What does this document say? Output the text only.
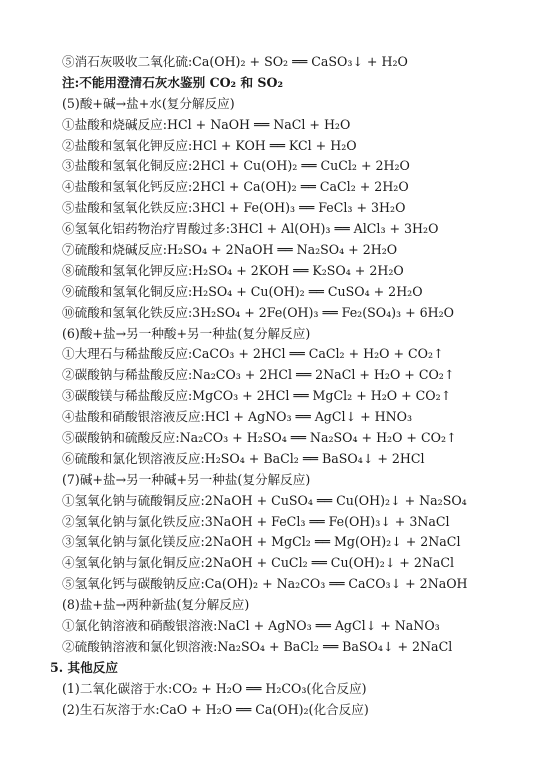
⑤消石灰吸收二氧化硫:Ca(OH)₂ + SO₂ ══ CaSO₃↓ + H₂O
注:不能用澄清石灰水鉴别 CO₂ 和 SO₂
(5)酸+碱→盐+水(复分解反应)
①盐酸和烧碱反应:HCl + NaOH ══ NaCl + H₂O
②盐酸和氢氧化钾反应:HCl + KOH ══ KCl + H₂O
③盐酸和氢氧化铜反应:2HCl + Cu(OH)₂ ══ CuCl₂ + 2H₂O
④盐酸和氢氧化钙反应:2HCl + Ca(OH)₂ ══ CaCl₂ + 2H₂O
⑤盐酸和氢氧化铁反应:3HCl + Fe(OH)₃ ══ FeCl₃ + 3H₂O
⑥氢氧化铝药物治疗胃酸过多:3HCl + Al(OH)₃ ══ AlCl₃ + 3H₂O
⑦硫酸和烧碱反应:H₂SO₄ + 2NaOH ══ Na₂SO₄ + 2H₂O
⑧硫酸和氢氧化钾反应:H₂SO₄ + 2KOH ══ K₂SO₄ + 2H₂O
⑨硫酸和氢氧化铜反应:H₂SO₄ + Cu(OH)₂ ══ CuSO₄ + 2H₂O
⑩硫酸和氢氧化铁反应:3H₂SO₄ + 2Fe(OH)₃ ══ Fe₂(SO₄)₃ + 6H₂O
(6)酸+盐→另一种酸+另一种盐(复分解反应)
①大理石与稀盐酸反应:CaCO₃ + 2HCl ══ CaCl₂ + H₂O + CO₂↑
②碳酸钠与稀盐酸反应:Na₂CO₃ + 2HCl ══ 2NaCl + H₂O + CO₂↑
③碳酸镁与稀盐酸反应:MgCO₃ + 2HCl ══ MgCl₂ + H₂O + CO₂↑
④盐酸和硝酸银溶液反应:HCl + AgNO₃ ══ AgCl↓ + HNO₃
⑤碳酸钠和硫酸反应:Na₂CO₃ + H₂SO₄ ══ Na₂SO₄ + H₂O + CO₂↑
⑥硫酸和氯化钡溶液反应:H₂SO₄ + BaCl₂ ══ BaSO₄↓ + 2HCl
(7)碱+盐→另一种碱+另一种盐(复分解反应)
①氢氧化钠与硫酸铜反应:2NaOH + CuSO₄ ══ Cu(OH)₂↓ + Na₂SO₄
②氢氧化钠与氯化铁反应:3NaOH + FeCl₃ ══ Fe(OH)₃↓ + 3NaCl
③氢氧化钠与氯化镁反应:2NaOH + MgCl₂ ══ Mg(OH)₂↓ + 2NaCl
④氢氧化钠与氯化铜反应:2NaOH + CuCl₂ ══ Cu(OH)₂↓ + 2NaCl
⑤氢氧化钙与碳酸钠反应:Ca(OH)₂ + Na₂CO₃ ══ CaCO₃↓ + 2NaOH
(8)盐+盐→两种新盐(复分解反应)
①氯化钠溶液和硝酸银溶液:NaCl + AgNO₃ ══ AgCl↓ + NaNO₃
②硫酸钠溶液和氯化钡溶液:Na₂SO₄ + BaCl₂ ══ BaSO₄↓ + 2NaCl
5. 其他反应
(1)二氧化碳溶于水:CO₂ + H₂O ══ H₂CO₃(化合反应)
(2)生石灰溶于水:CaO + H₂O ══ Ca(OH)₂(化合反应)
